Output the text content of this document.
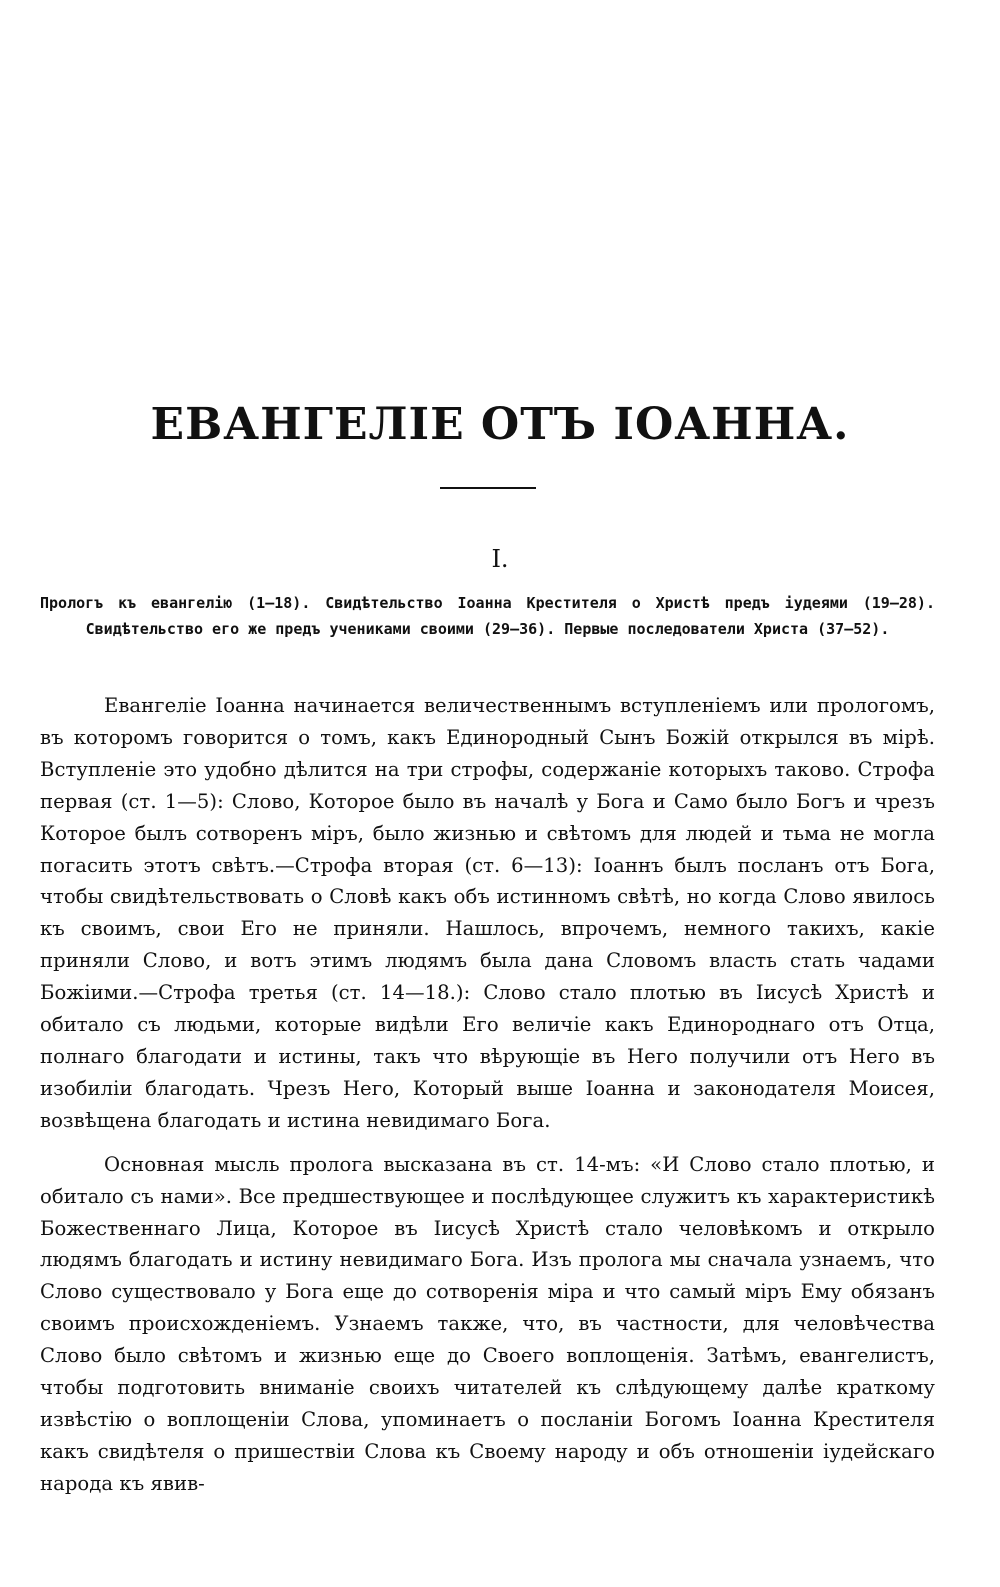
ЕВАНГЕЛІЕ ОТЪ ІОАННА.
I.

Прологъ къ евангелію (1—18). Свидѣтельство Іоанна Крестителя о Христѣ предъ іудеями (19—28). Свидѣтельство его же предъ учениками своими (29—36). Первые последователи Христа (37—52).

Евангеліе Іоанна начинается величественнымъ вступленіемъ или прологомъ, въ которомъ говорится о томъ, какъ Единородный Сынъ Божій открылся въ мірѣ. Вступленіе это удобно дѣлится на три строфы, содержаніе которыхъ таково. Строфа первая (ст. 1—5): Слово, Которое было въ началѣ у Бога и Само было Богъ и чрезъ Которое былъ сотворенъ міръ, было жизнью и свѣтомъ для людей и тьма не могла погасить этотъ свѣтъ.—Строфа вторая (ст. 6—13): Іоаннъ былъ посланъ отъ Бога, чтобы свидѣтельствовать о Словѣ какъ объ истинномъ свѣтѣ, но когда Слово явилось къ своимъ, свои Его не приняли. Нашлось, впрочемъ, немного такихъ, какіе приняли Слово, и вотъ этимъ людямъ была дана Словомъ власть стать чадами Божіими.—Строфа третья (ст. 14—18.): Слово стало плотью въ Іисусѣ Христѣ и обитало съ людьми, которые видѣли Его величіе какъ Единороднаго отъ Отца, полнаго благодати и истины, такъ что вѣрующіе въ Него получили отъ Него въ изобиліи благодать. Чрезъ Него, Который выше Іоанна и законодателя Моисея, возвѣщена благодать и истина невидимаго Бога.

Основная мысль пролога высказана въ ст. 14-мъ: «И Слово стало плотью, и обитало съ нами». Все предшествующее и послѣдующее служитъ къ характеристикѣ Божественнаго Лица, Которое въ Іисусѣ Христѣ стало человѣкомъ и открыло людямъ благодать и истину невидимаго Бога. Изъ пролога мы сначала узнаемъ, что Слово существовало у Бога еще до сотворенія міра и что самый міръ Ему обязанъ своимъ происхожденіемъ. Узнаемъ также, что, въ частности, для человѣчества Слово было свѣтомъ и жизнью еще до Своего воплощенія. Затѣмъ, евангелистъ, чтобы подготовить вниманіе своихъ читателей къ слѣдующему далѣе краткому извѣстію о воплощеніи Слова, упоминаетъ о посланіи Богомъ Іоанна Крестителя какъ свидѣтеля о пришествіи Слова къ Своему народу и объ отношеніи іудейскаго народа къ явив-
